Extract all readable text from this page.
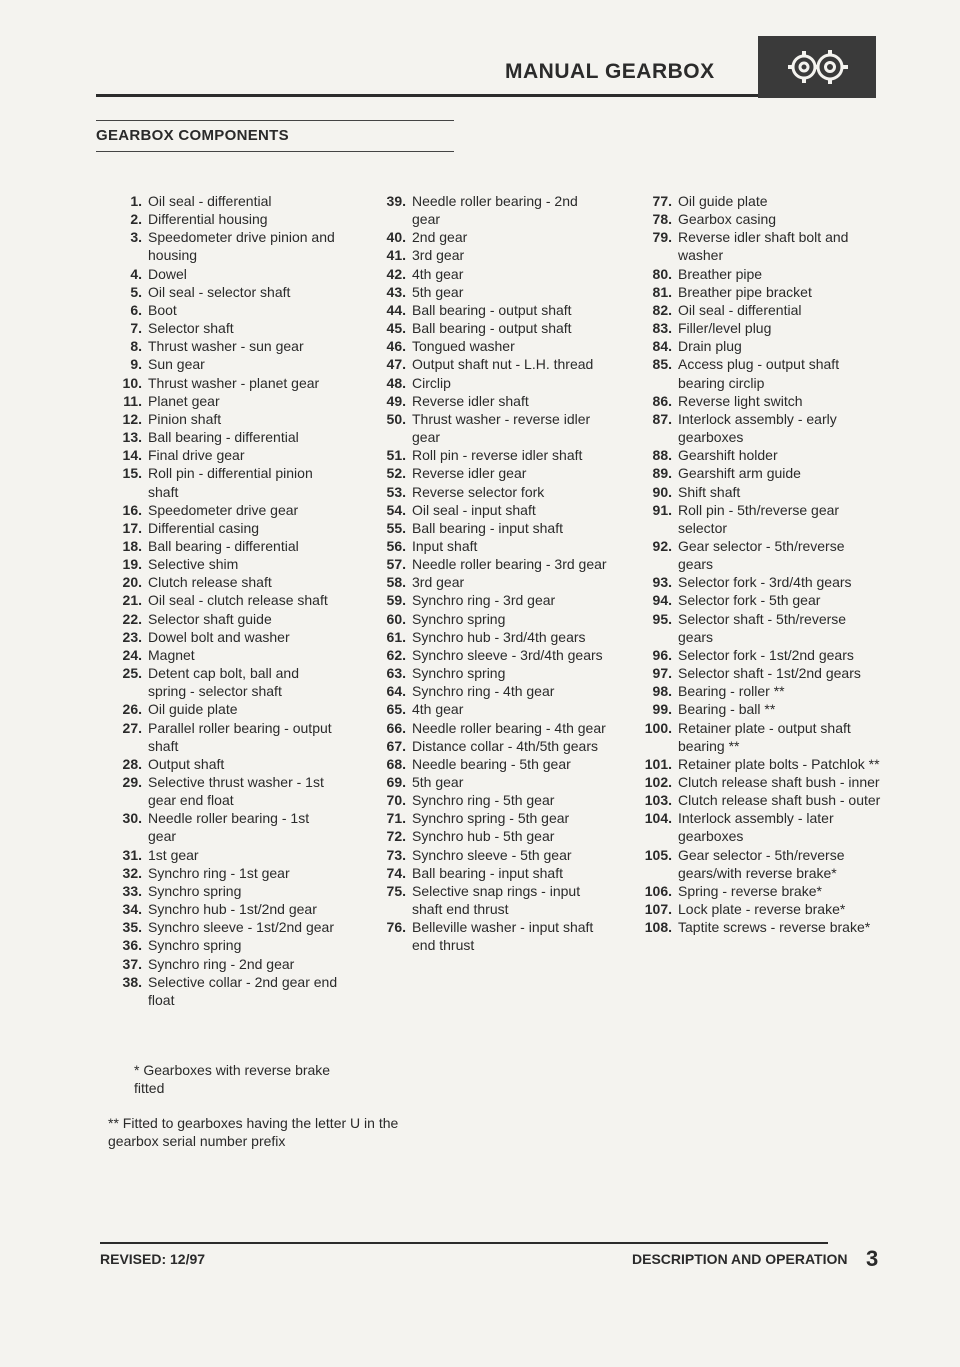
MANUAL GEARBOX
GEARBOX COMPONENTS
1. Oil seal - differential
2. Differential housing
3. Speedometer drive pinion and housing
4. Dowel
5. Oil seal - selector shaft
6. Boot
7. Selector shaft
8. Thrust washer - sun gear
9. Sun gear
10. Thrust washer - planet gear
11. Planet gear
12. Pinion shaft
13. Ball bearing - differential
14. Final drive gear
15. Roll pin - differential pinion shaft
16. Speedometer drive gear
17. Differential casing
18. Ball bearing - differential
19. Selective shim
20. Clutch release shaft
21. Oil seal - clutch release shaft
22. Selector shaft guide
23. Dowel bolt and washer
24. Magnet
25. Detent cap bolt, ball and spring - selector shaft
26. Oil guide plate
27. Parallel roller bearing - output shaft
28. Output shaft
29. Selective thrust washer - 1st gear end float
30. Needle roller bearing - 1st gear
31. 1st gear
32. Synchro ring - 1st gear
33. Synchro spring
34. Synchro hub - 1st/2nd gear
35. Synchro sleeve - 1st/2nd gear
36. Synchro spring
37. Synchro ring - 2nd gear
38. Selective collar - 2nd gear end float
39. Needle roller bearing - 2nd gear
40. 2nd gear
41. 3rd gear
42. 4th gear
43. 5th gear
44. Ball bearing - output shaft
45. Ball bearing - output shaft
46. Tongued washer
47. Output shaft nut - L.H. thread
48. Circlip
49. Reverse idler shaft
50. Thrust washer - reverse idler gear
51. Roll pin - reverse idler shaft
52. Reverse idler gear
53. Reverse selector fork
54. Oil seal - input shaft
55. Ball bearing - input shaft
56. Input shaft
57. Needle roller bearing - 3rd gear
58. 3rd gear
59. Synchro ring - 3rd gear
60. Synchro spring
61. Synchro hub - 3rd/4th gears
62. Synchro sleeve - 3rd/4th gears
63. Synchro spring
64. Synchro ring - 4th gear
65. 4th gear
66. Needle roller bearing - 4th gear
67. Distance collar - 4th/5th gears
68. Needle bearing - 5th gear
69. 5th gear
70. Synchro ring - 5th gear
71. Synchro spring - 5th gear
72. Synchro hub - 5th gear
73. Synchro sleeve - 5th gear
74. Ball bearing - input shaft
75. Selective snap rings - input shaft end thrust
76. Belleville washer - input shaft end thrust
77. Oil guide plate
78. Gearbox casing
79. Reverse idler shaft bolt and washer
80. Breather pipe
81. Breather pipe bracket
82. Oil seal - differential
83. Filler/level plug
84. Drain plug
85. Access plug - output shaft bearing circlip
86. Reverse light switch
87. Interlock assembly - early gearboxes
88. Gearshift holder
89. Gearshift arm guide
90. Shift shaft
91. Roll pin - 5th/reverse gear selector
92. Gear selector - 5th/reverse gears
93. Selector fork - 3rd/4th gears
94. Selector fork - 5th gear
95. Selector shaft - 5th/reverse gears
96. Selector fork - 1st/2nd gears
97. Selector shaft - 1st/2nd gears
98. Bearing - roller **
99. Bearing - ball **
100. Retainer plate - output shaft bearing **
101. Retainer plate bolts - Patchlok **
102. Clutch release shaft bush - inner
103. Clutch release shaft bush - outer
104. Interlock assembly - later gearboxes
105. Gear selector - 5th/reverse gears/with reverse brake*
106. Spring - reverse brake*
107. Lock plate - reverse brake*
108. Taptite screws - reverse brake*
* Gearboxes with reverse brake fitted
** Fitted to gearboxes having the letter U in the gearbox serial number prefix
REVISED: 12/97	DESCRIPTION AND OPERATION 3
